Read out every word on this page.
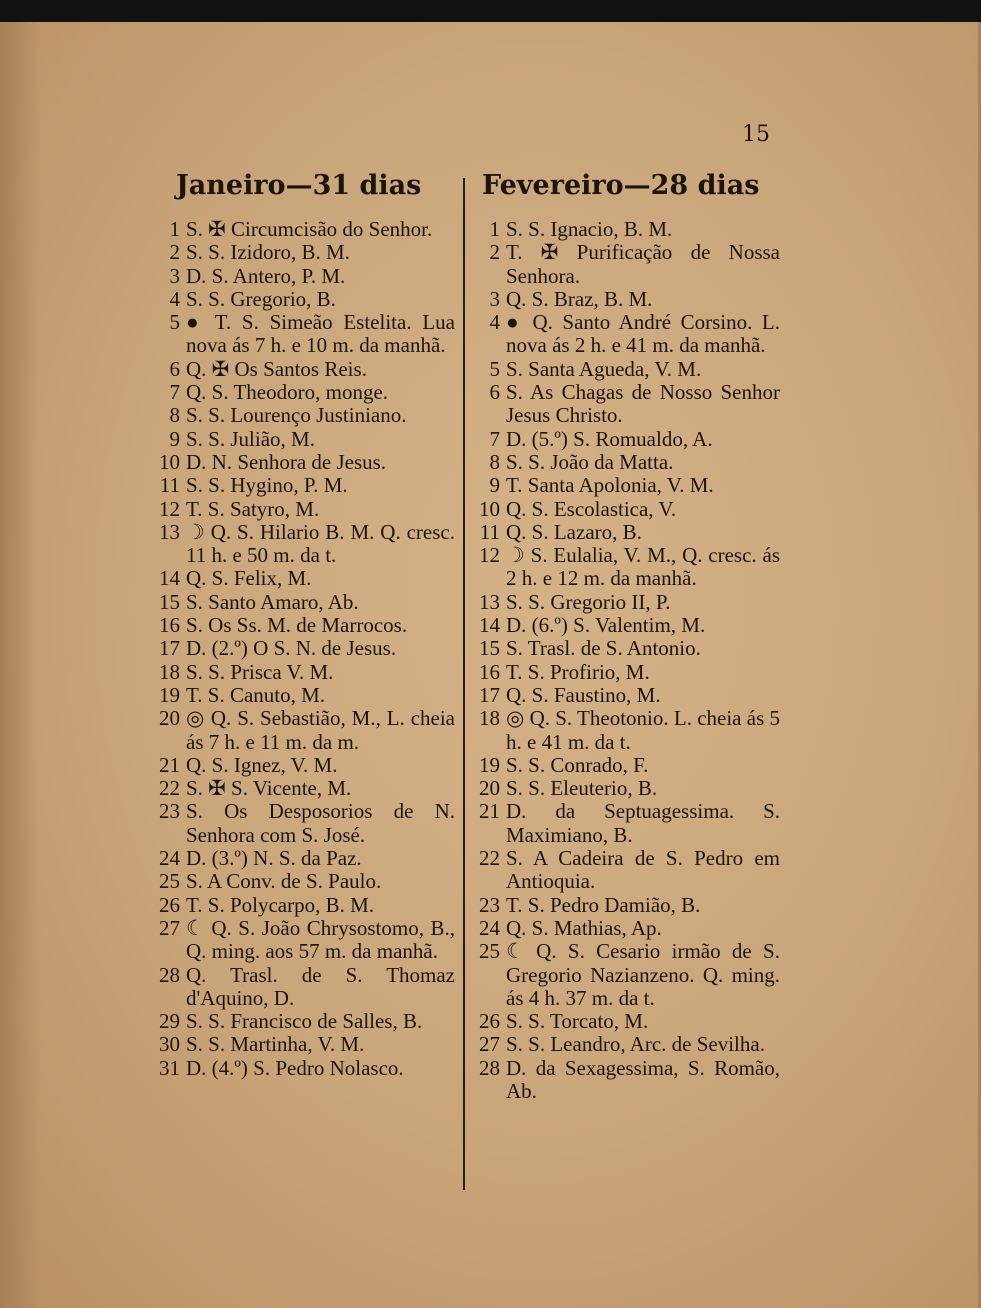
15
Janeiro—31 dias Fevereiro—28 dias
1 S. ✠ Circumcisão do Senhor.
2 S. S. Izidoro, B. M.
3 D. S. Antero, P. M.
4 S. S. Gregorio, B.
5 ● T. S. Simeão Estelita. Lua nova ás 7 h. e 10 m. da manhã.
6 Q. ✠ Os Santos Reis.
7 Q. S. Theodoro, monge.
8 S. S. Lourenço Justiniano.
9 S. S. Julião, M.
10 D. N. Senhora de Jesus.
11 S. S. Hygino, P. M.
12 T. S. Satyro, M.
13 ☽ Q. S. Hilario B. M. Q. cresc. 11 h. e 50 m. da t.
14 Q. S. Felix, M.
15 S. Santo Amaro, Ab.
16 S. Os Ss. M. de Marrocos.
17 D. (2.º) O S. N. de Jesus.
18 S. S. Prisca V. M.
19 T. S. Canuto, M.
20 ◎ Q. S. Sebastião, M., L. cheia ás 7 h. e 11 m. da m.
21 Q. S. Ignez, V. M.
22 S. ✠ S. Vicente, M.
23 S. Os Desposorios de N. Senhora com S. José.
24 D. (3.º) N. S. da Paz.
25 S. A Conv. de S. Paulo.
26 T. S. Polycarpo, B. M.
27 ☾ Q. S. João Chrysostomo, B., Q. ming. aos 57 m. da manhã.
28 Q. Trasl. de S. Thomaz d'Aquino, D.
29 S. S. Francisco de Salles, B.
30 S. S. Martinha, V. M.
31 D. (4.º) S. Pedro Nolasco.
1 S. S. Ignacio, B. M.
2 T. ✠ Purificação de Nossa Senhora.
3 Q. S. Braz, B. M.
4 ● Q. Santo André Corsino. L. nova ás 2 h. e 41 m. da manhã.
5 S. Santa Agueda, V. M.
6 S. As Chagas de Nosso Senhor Jesus Christo.
7 D. (5.º) S. Romualdo, A.
8 S. S. João da Matta.
9 T. Santa Apolonia, V. M.
10 Q. S. Escolastica, V.
11 Q. S. Lazaro, B.
12 ☽ S. Eulalia, V. M., Q. cresc. ás 2 h. e 12 m. da manhã.
13 S. S. Gregorio II, P.
14 D. (6.º) S. Valentim, M.
15 S. Trasl. de S. Antonio.
16 T. S. Profirio, M.
17 Q. S. Faustino, M.
18 ◎ Q. S. Theotonio. L. cheia ás 5 h. e 41 m. da t.
19 S. S. Conrado, F.
20 S. S. Eleuterio, B.
21 D. da Septuagessima. S. Maximiano, B.
22 S. A Cadeira de S. Pedro em Antioquia.
23 T. S. Pedro Damião, B.
24 Q. S. Mathias, Ap.
25 ☾ Q. S. Cesario irmão de S. Gregorio Nazianzeno. Q. ming. ás 4 h. 37 m. da t.
26 S. S. Torcato, M.
27 S. S. Leandro, Arc. de Sevilha.
28 D. da Sexagessima, S. Romão, Ab.
